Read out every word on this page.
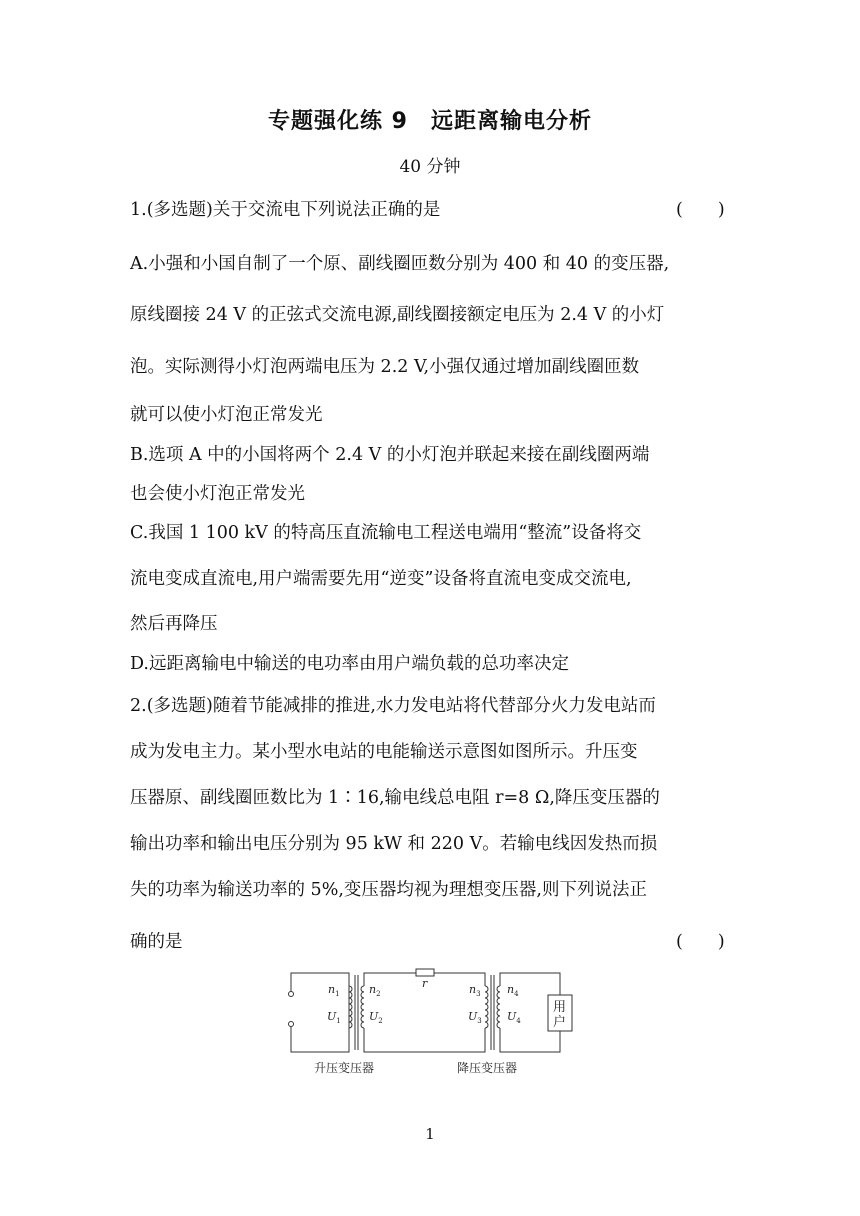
专题强化练 9　远距离输电分析
40 分钟
1.(多选题)关于交流电下列说法正确的是	(　　)
A.小强和小国自制了一个原、副线圈匝数分别为 400 和 40 的变压器,
原线圈接 24 V 的正弦式交流电源,副线圈接额定电压为 2.4 V 的小灯
泡。实际测得小灯泡两端电压为 2.2 V,小强仅通过增加副线圈匝数
就可以使小灯泡正常发光
B.选项 A 中的小国将两个 2.4 V 的小灯泡并联起来接在副线圈两端
也会使小灯泡正常发光
C.我国 1 100 kV 的特高压直流输电工程送电端用“整流”设备将交
流电变成直流电,用户端需要先用“逆变”设备将直流电变成交流电,
然后再降压
D.远距离输电中输送的电功率由用户端负载的总功率决定
2.(多选题)随着节能减排的推进,水力发电站将代替部分火力发电站而
成为发电主力。某小型水电站的电能输送示意图如图所示。升压变
压器原、副线圈匝数比为 1∶16,输电线总电阻 r=8 Ω,降压变压器的
输出功率和输出电压分别为 95 kW 和 220 V。若输电线因发热而损
失的功率为输送功率的 5%,变压器均视为理想变压器,则下列说法正
确的是	(　　)
r
$n_1$
$U_1$
$n_2$
$U_2$
$n_3$
$U_3$
$n_4$
$U_4$
用
户
升压变压器	降压变压器
1
